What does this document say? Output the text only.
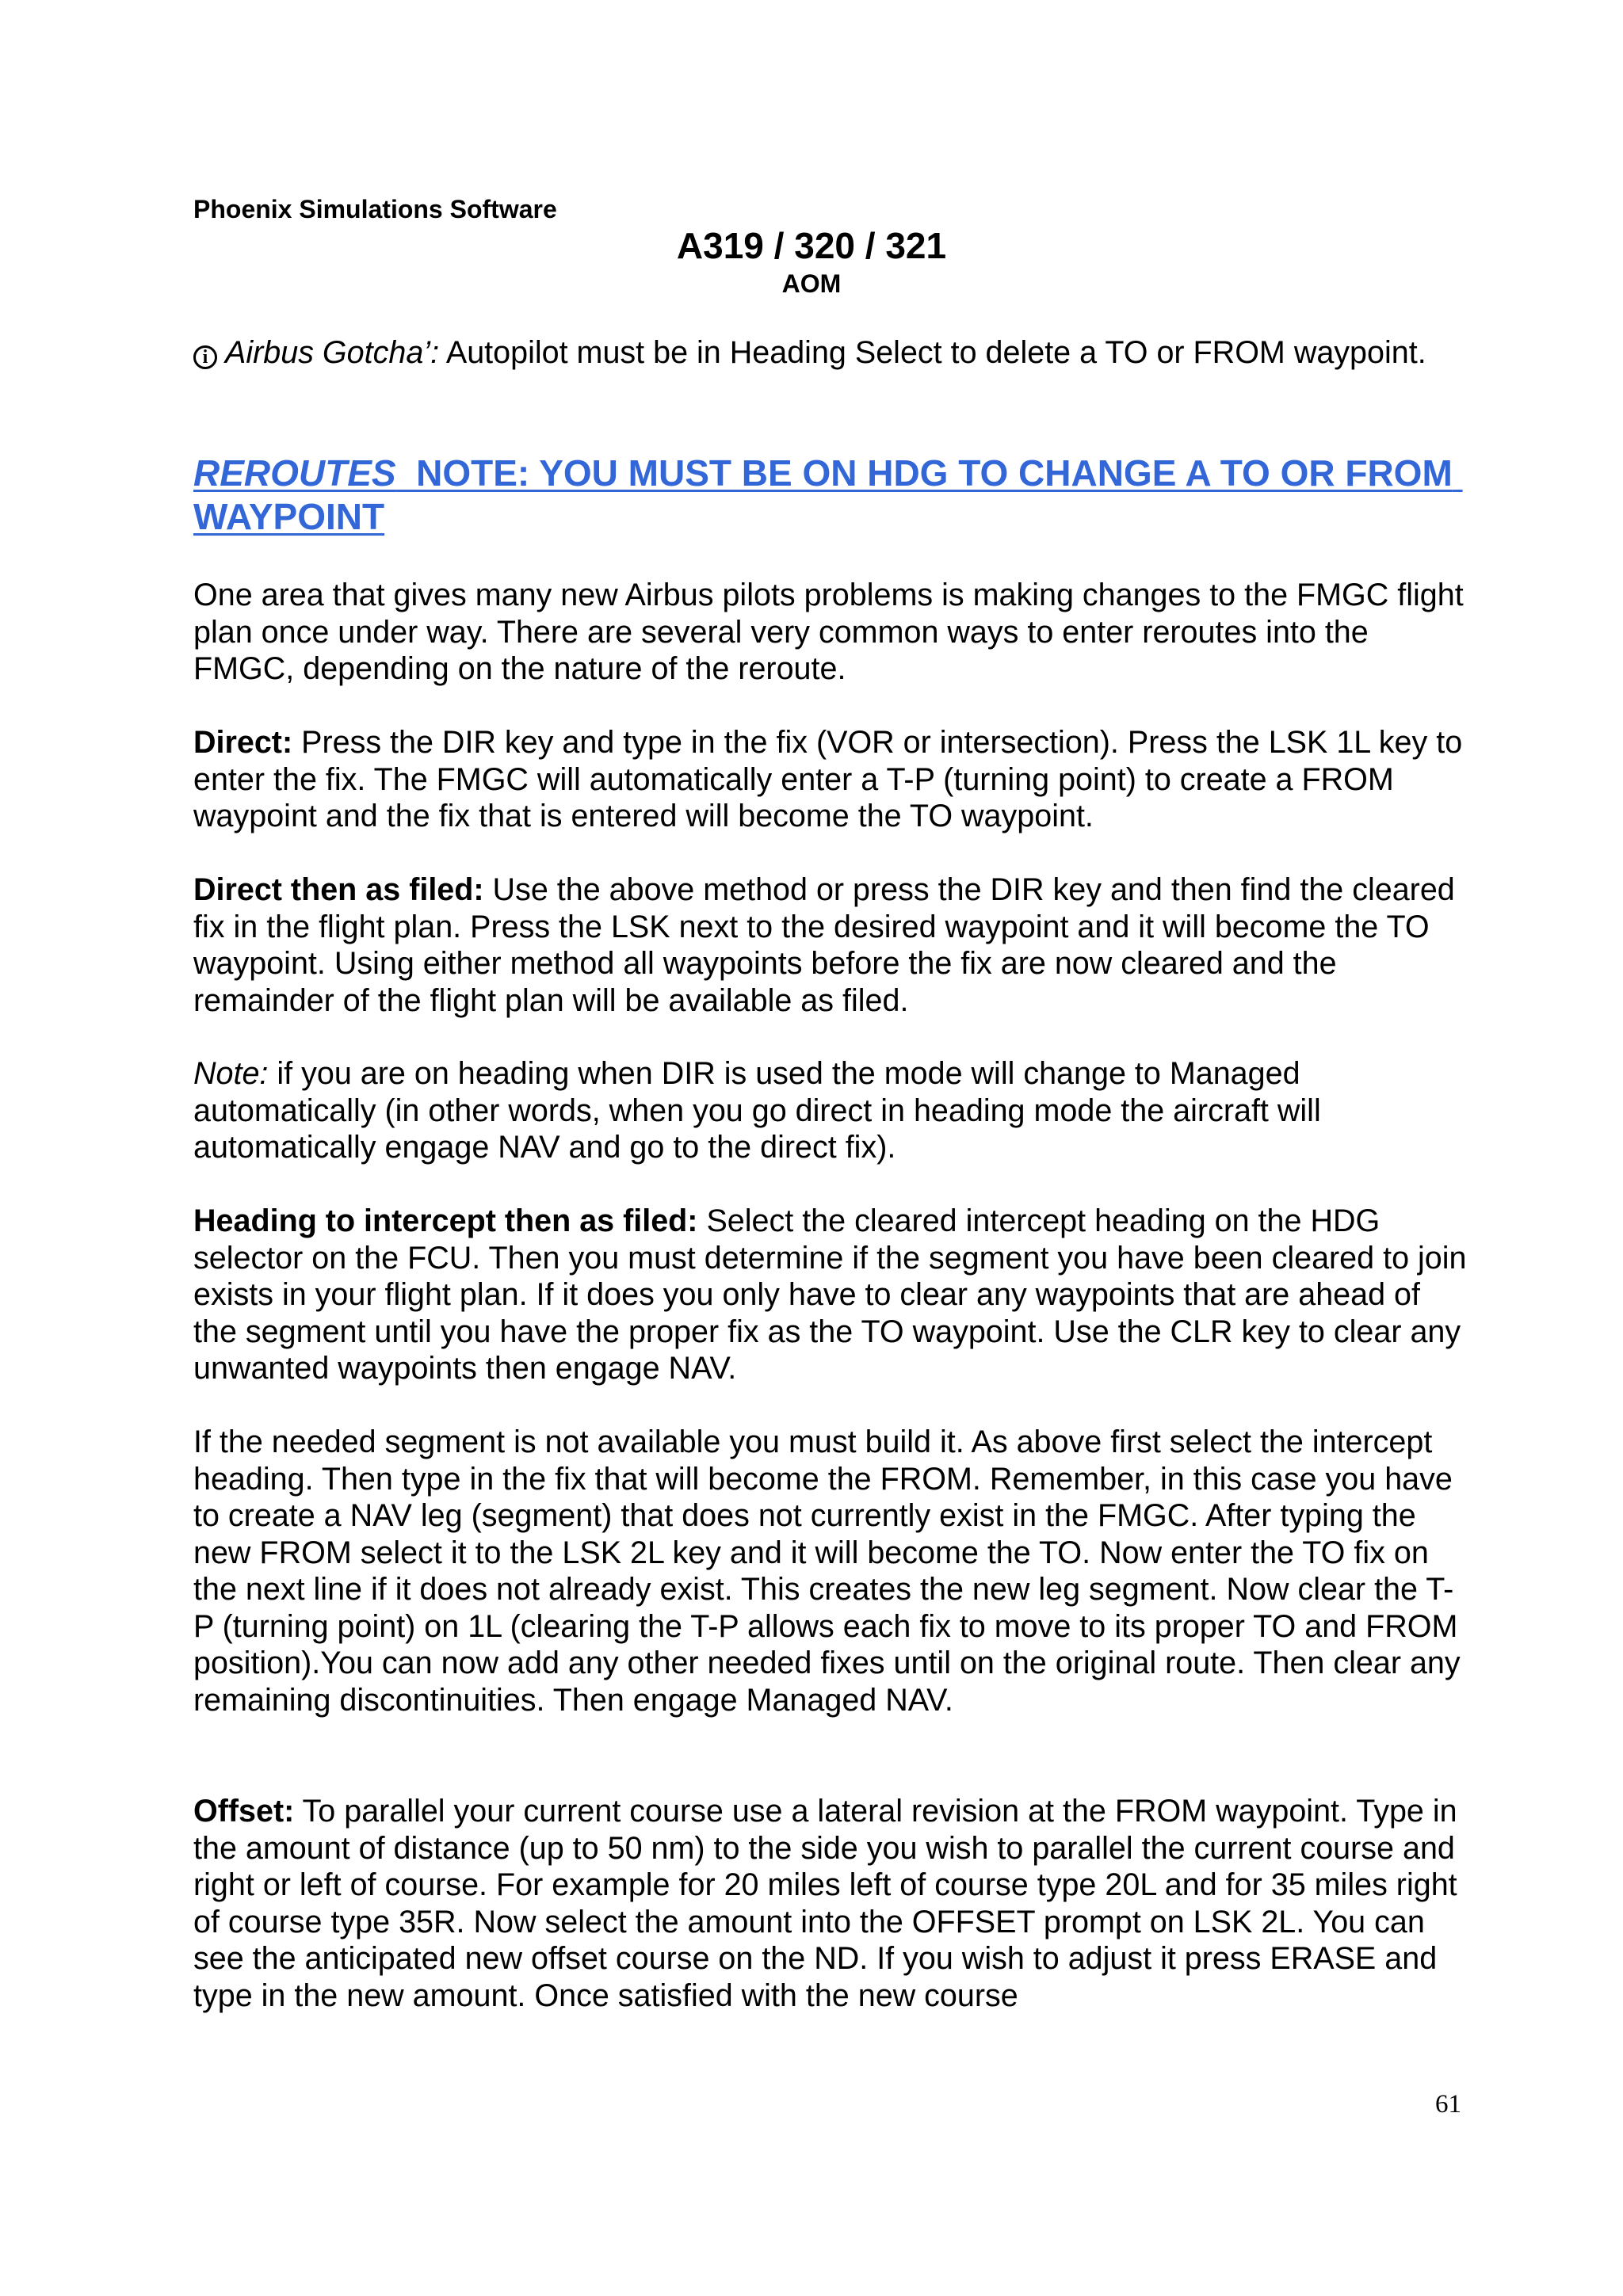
Phoenix Simulations Software
A319 / 320 / 321
AOM
i Airbus Gotcha’: Autopilot must be in Heading Select to delete a TO or FROM waypoint.
REROUTES  NOTE: YOU MUST BE ON HDG TO CHANGE A TO OR FROM WAYPOINT
One area that gives many new Airbus pilots problems is making changes to the FMGC flight plan once under way. There are several very common ways to enter reroutes into the FMGC, depending on the nature of the reroute.
Direct: Press the DIR key and type in the fix (VOR or intersection). Press the LSK 1L key to enter the fix. The FMGC will automatically enter a T-P (turning point) to create a FROM waypoint and the fix that is entered will become the TO waypoint.
Direct then as filed: Use the above method or press the DIR key and then find the cleared fix in the flight plan. Press the LSK next to the desired waypoint and it will become the TO waypoint. Using either method all waypoints before the fix are now cleared and the remainder of the flight plan will be available as filed.
Note: if you are on heading when DIR is used the mode will change to Managed automatically (in other words, when you go direct in heading mode the aircraft will automatically engage NAV and go to the direct fix).
Heading to intercept then as filed: Select the cleared intercept heading on the HDG selector on the FCU. Then you must determine if the segment you have been cleared to join exists in your flight plan. If it does you only have to clear any waypoints that are ahead of the segment until you have the proper fix as the TO waypoint. Use the CLR key to clear any unwanted waypoints then engage NAV.
If the needed segment is not available you must build it. As above first select the intercept heading. Then type in the fix that will become the FROM. Remember, in this case you have to create a NAV leg (segment) that does not currently exist in the FMGC. After typing the new FROM select it to the LSK 2L key and it will become the TO. Now enter the TO fix on the next line if it does not already exist. This creates the new leg segment. Now clear the T-P (turning point) on 1L (clearing the T-P allows each fix to move to its proper TO and FROM position).You can now add any other needed fixes until on the original route. Then clear any remaining discontinuities. Then engage Managed NAV.
Offset: To parallel your current course use a lateral revision at the FROM waypoint. Type in the amount of distance (up to 50 nm) to the side you wish to parallel the current course and right or left of course. For example for 20 miles left of course type 20L and for 35 miles right of course type 35R. Now select the amount into the OFFSET prompt on LSK 2L. You can see the anticipated new offset course on the ND. If you wish to adjust it press ERASE and type in the new amount. Once satisfied with the new course
61
